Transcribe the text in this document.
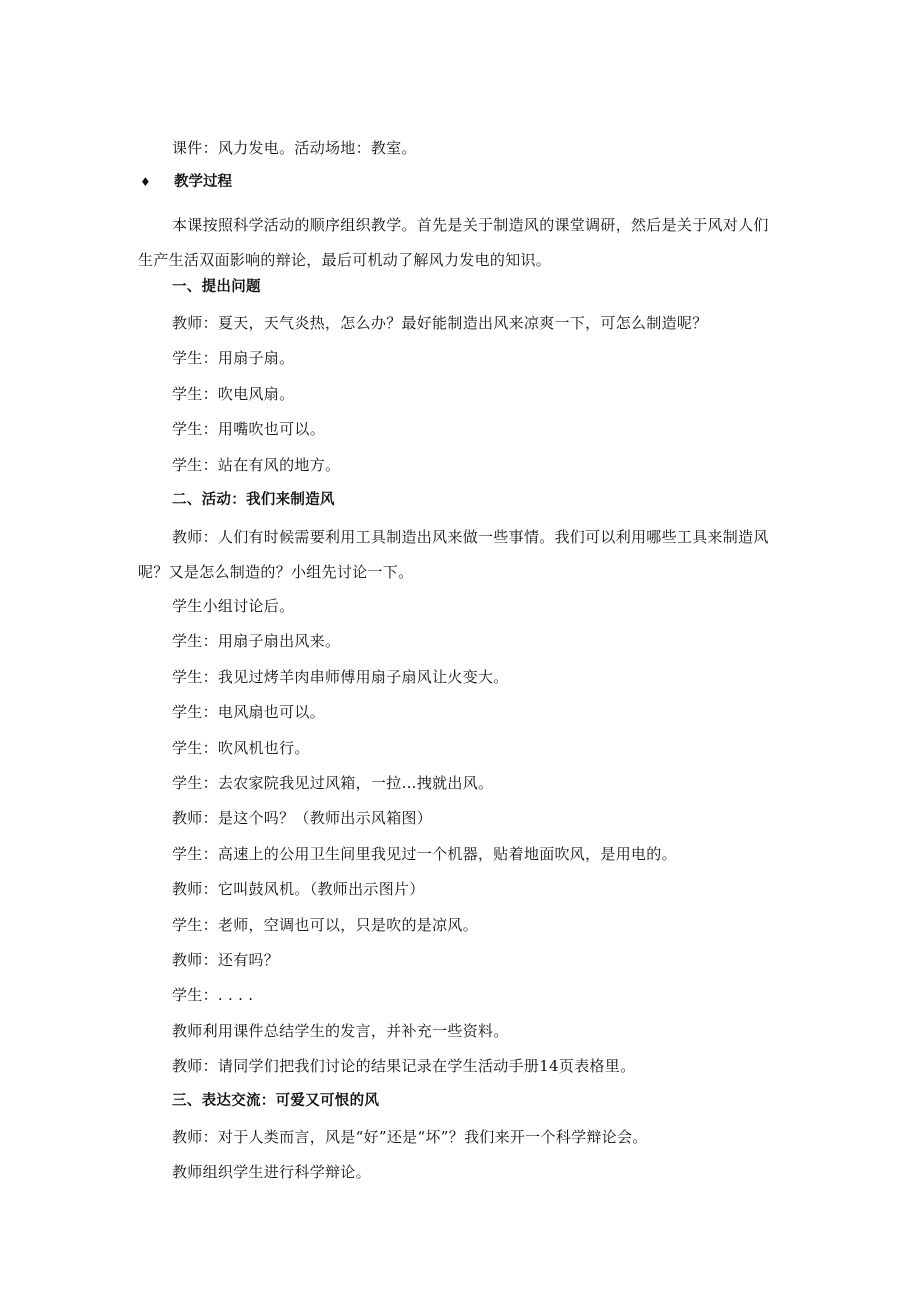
课件：风力发电。活动场地：教室。
♦ 教学过程
本课按照科学活动的顺序组织教学。首先是关于制造风的课堂调研，然后是关于风对人们
生产生活双面影响的辩论，最后可机动了解风力发电的知识。
一、提出问题
教师：夏天，天气炎热，怎么办？最好能制造出风来凉爽一下，可怎么制造呢？
学生：用扇子扇。
学生：吹电风扇。
学生：用嘴吹也可以。
学生：站在有风的地方。
二、活动：我们来制造风
教师：人们有时候需要利用工具制造出风来做一些事情。我们可以利用哪些工具来制造风
呢？又是怎么制造的？小组先讨论一下。
学生小组讨论后。
学生：用扇子扇出风来。
学生：我见过烤羊肉串师傅用扇子扇风让火变大。
学生：电风扇也可以。
学生：吹风机也行。
学生：去农家院我见过风箱，一拉…拽就出风。
教师：是这个吗？（教师出示风箱图）
学生：高速上的公用卫生间里我见过一个机器，贴着地面吹风，是用电的。
教师：它叫鼓风机。（教师出示图片）
学生：老师，空调也可以，只是吹的是凉风。
教师：还有吗？
学生：. . . .
教师利用课件总结学生的发言，并补充一些资料。
教师：请同学们把我们讨论的结果记录在学生活动手册14页表格里。
三、表达交流：可爱又可恨的风
教师：对于人类而言，风是“好”还是“坏”？我们来开一个科学辩论会。
教师组织学生进行科学辩论。
